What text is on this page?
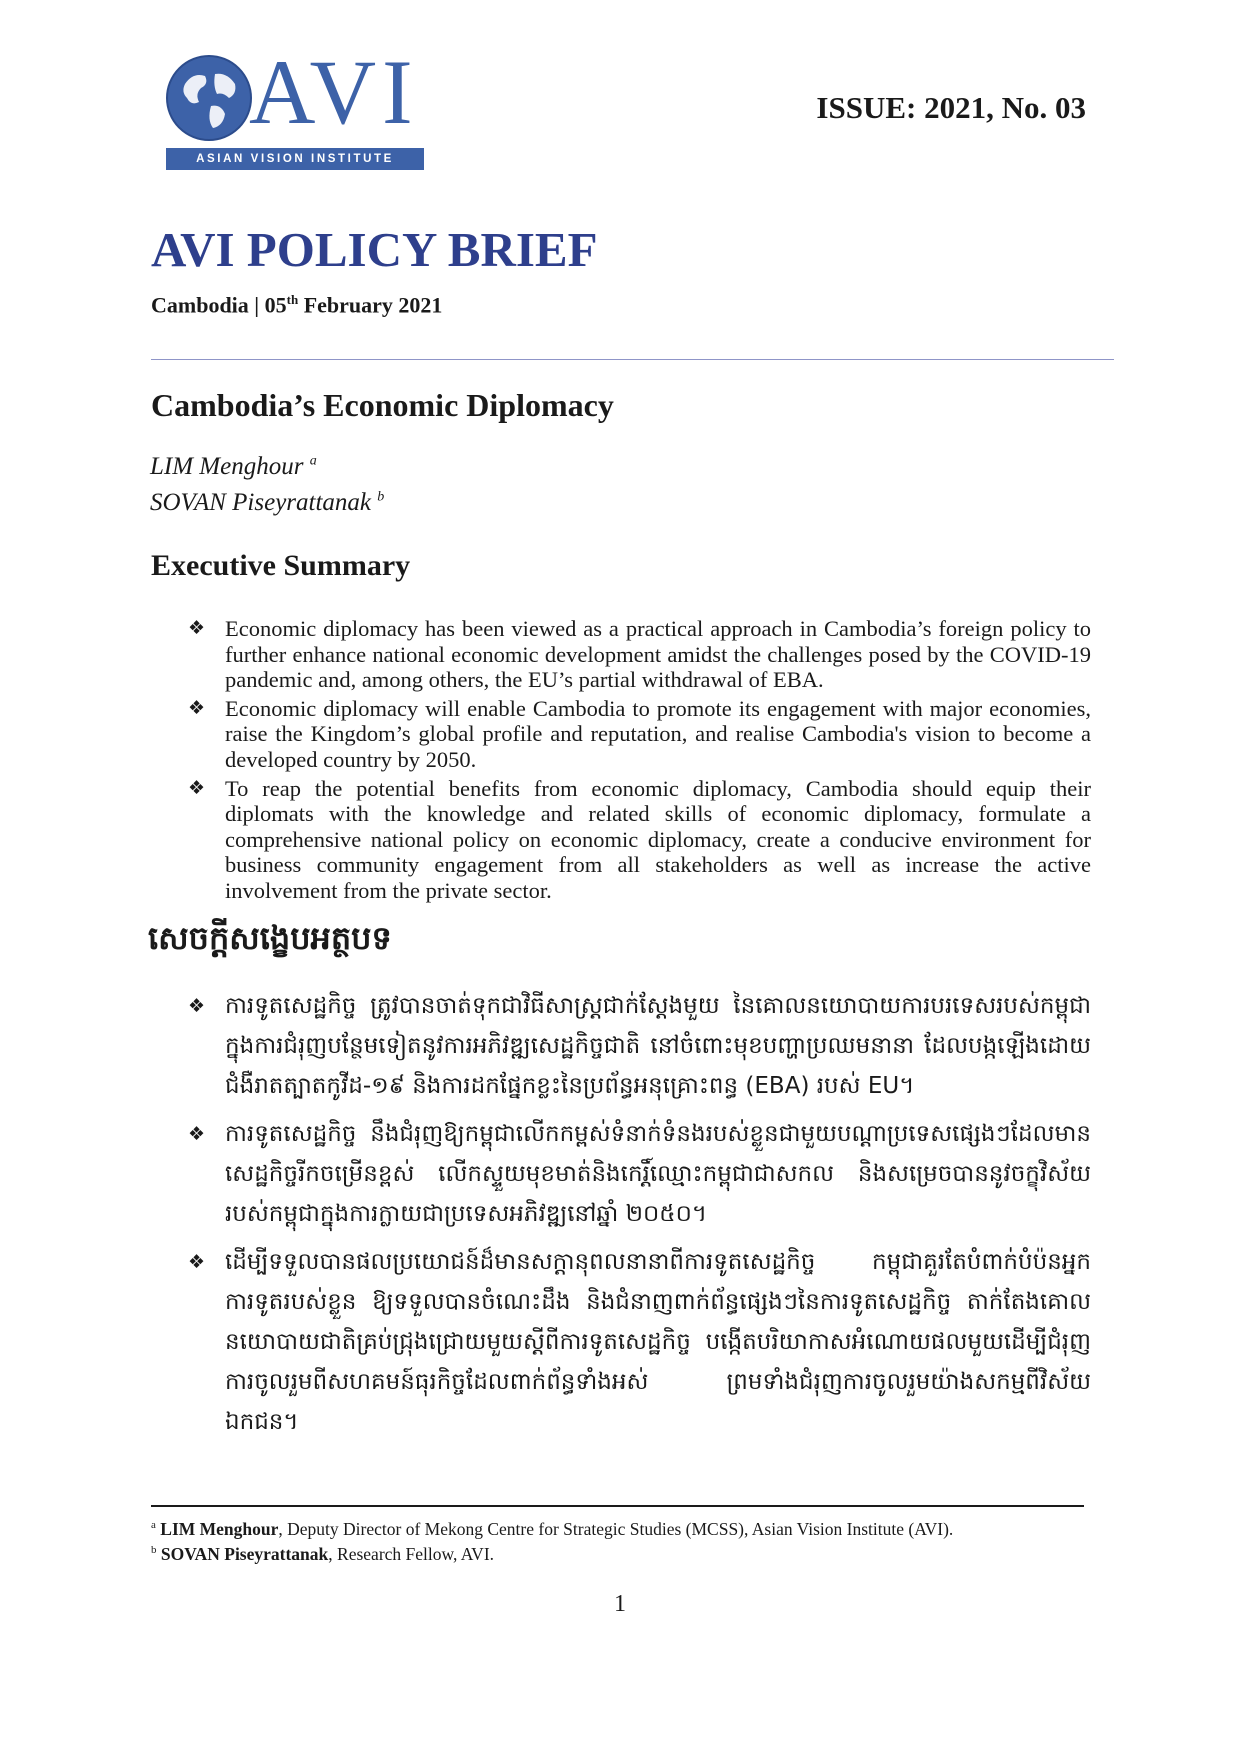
AVI
ASIAN VISION INSTITUTE
ISSUE: 2021, No. 03
AVI POLICY BRIEF
Cambodia | 05th February 2021
Cambodia’s Economic Diplomacy
LIM Menghour $^a$
SOVAN Piseyrattanak $^b$
Executive Summary
❖ Economic diplomacy has been viewed as a practical approach in Cambodia’s foreign policy to further enhance national economic development amidst the challenges posed by the COVID-19 pandemic and, among others, the EU’s partial withdrawal of EBA.
❖ Economic diplomacy will enable Cambodia to promote its engagement with major economies, raise the Kingdom’s global profile and reputation, and realise Cambodia's vision to become a developed country by 2050.
❖ To reap the potential benefits from economic diplomacy, Cambodia should equip their diplomats with the knowledge and related skills of economic diplomacy, formulate a comprehensive national policy on economic diplomacy, create a conducive environment for business community engagement from all stakeholders as well as increase the active involvement from the private sector.
សេចក្តីសង្ខេបអត្ថបទ
❖ ការទូតសេដ្ឋកិច្ច ត្រូវបានចាត់ទុកជាវិធីសាស្រ្តជាក់ស្តែងមួយ នៃគោលនយោបាយការបរទេសរបស់កម្ពុជា ក្នុងការជំរុញបន្ថែមទៀតនូវការអភិវឌ្ឍសេដ្ឋកិច្ចជាតិ នៅចំពោះមុខបញ្ហាប្រឈមនានា ដែលបង្កឡើងដោយជំងឺរាតត្បាតកូវីដ-១៩ និងការដកផ្នែកខ្លះនៃប្រព័ន្ធអនុគ្រោះពន្ធ (EBA) របស់ EU។
❖ ការទូតសេដ្ឋកិច្ច នឹងជំរុញឱ្យកម្ពុជាលើកកម្ពស់ទំនាក់ទំនងរបស់ខ្លួនជាមួយបណ្តាប្រទេសផ្សេងៗដែលមានសេដ្ឋកិច្ចរីកចម្រើនខ្ពស់ លើកស្ទួយមុខមាត់និងកេរ្តិ៍ឈ្មោះកម្ពុជាជាសកល និងសម្រេចបាននូវចក្ខុវិស័យរបស់កម្ពុជាក្នុងការក្លាយជាប្រទេសអភិវឌ្ឍនៅឆ្នាំ ២០៥០។
❖ ដើម្បីទទួលបានផលប្រយោជន៍ដ៏មានសក្តានុពលនានាពីការទូតសេដ្ឋកិច្ច កម្ពុជាគួរតែបំពាក់បំប៉នអ្នកការទូតរបស់ខ្លួន ឱ្យទទួលបានចំណេះដឹង និងជំនាញពាក់ព័ន្ធផ្សេងៗនៃការទូតសេដ្ឋកិច្ច តាក់តែងគោលនយោបាយជាតិគ្រប់ជ្រុងជ្រោយមួយស្តីពីការទូតសេដ្ឋកិច្ច បង្កើតបរិយាកាសអំណោយផលមួយដើម្បីជំរុញការចូលរួមពីសហគមន៍ធុរកិច្ចដែលពាក់ព័ន្ធទាំងអស់ ព្រមទាំងជំរុញការចូលរួមយ៉ាងសកម្មពីវិស័យឯកជន។
$^a$ LIM Menghour, Deputy Director of Mekong Centre for Strategic Studies (MCSS), Asian Vision Institute (AVI).
$^b$ SOVAN Piseyrattanak, Research Fellow, AVI.
1
